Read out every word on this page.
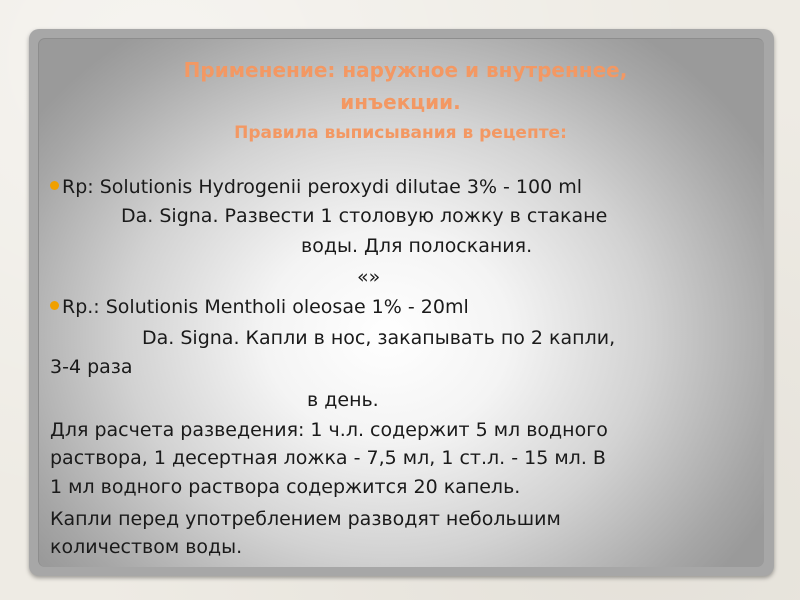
Применение: наружное и внутреннее,
инъекции.
Правила выписывания в рецепте:
Rp: Solutionis Hydrogenii peroxydi dilutae 3% - 100 ml
Da. Signa. Развести 1 столовую ложку в стакане
воды. Для полоскания.
«»
Rp.: Solutionis Mentholi oleosae 1% - 20ml
Da. Signa. Капли в нос, закапывать по 2 капли,
3-4 раза
в день.
Для расчета разведения: 1 ч.л. содержит 5 мл водного
раствора, 1 десертная ложка - 7,5 мл, 1 ст.л. - 15 мл. В
1 мл водного раствора содержится 20 капель.
Капли перед употреблением разводят небольшим
количеством воды.
